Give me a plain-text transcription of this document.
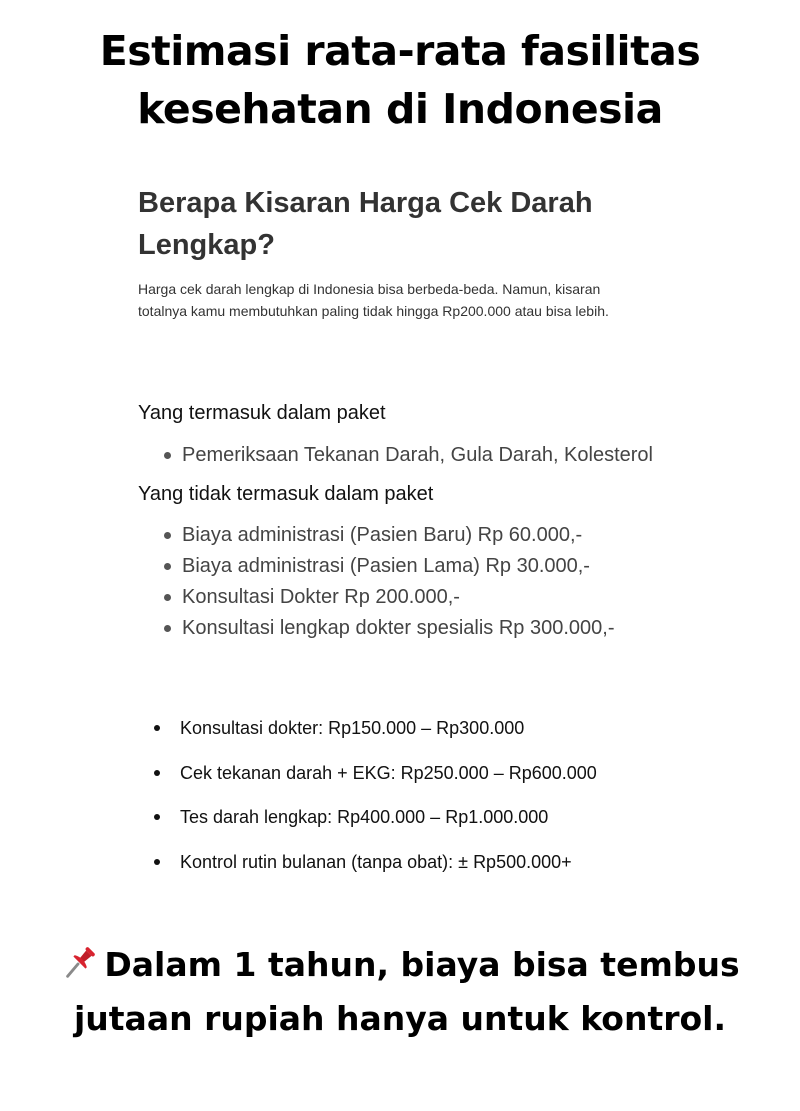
Estimasi rata-rata fasilitas
kesehatan di Indonesia
Berapa Kisaran Harga Cek Darah
Lengkap?
Harga cek darah lengkap di Indonesia bisa berbeda-beda. Namun, kisaran
totalnya kamu membutuhkan paling tidak hingga Rp200.000 atau bisa lebih.
Yang termasuk dalam paket
Pemeriksaan Tekanan Darah, Gula Darah, Kolesterol
Yang tidak termasuk dalam paket
Biaya administrasi (Pasien Baru) Rp 60.000,-
Biaya administrasi (Pasien Lama) Rp 30.000,-
Konsultasi Dokter Rp 200.000,-
Konsultasi lengkap dokter spesialis Rp 300.000,-
Konsultasi dokter: Rp150.000 – Rp300.000
Cek tekanan darah + EKG: Rp250.000 – Rp600.000
Tes darah lengkap: Rp400.000 – Rp1.000.000
Kontrol rutin bulanan (tanpa obat): ± Rp500.000+
Dalam 1 tahun, biaya bisa tembus
jutaan rupiah hanya untuk kontrol.
